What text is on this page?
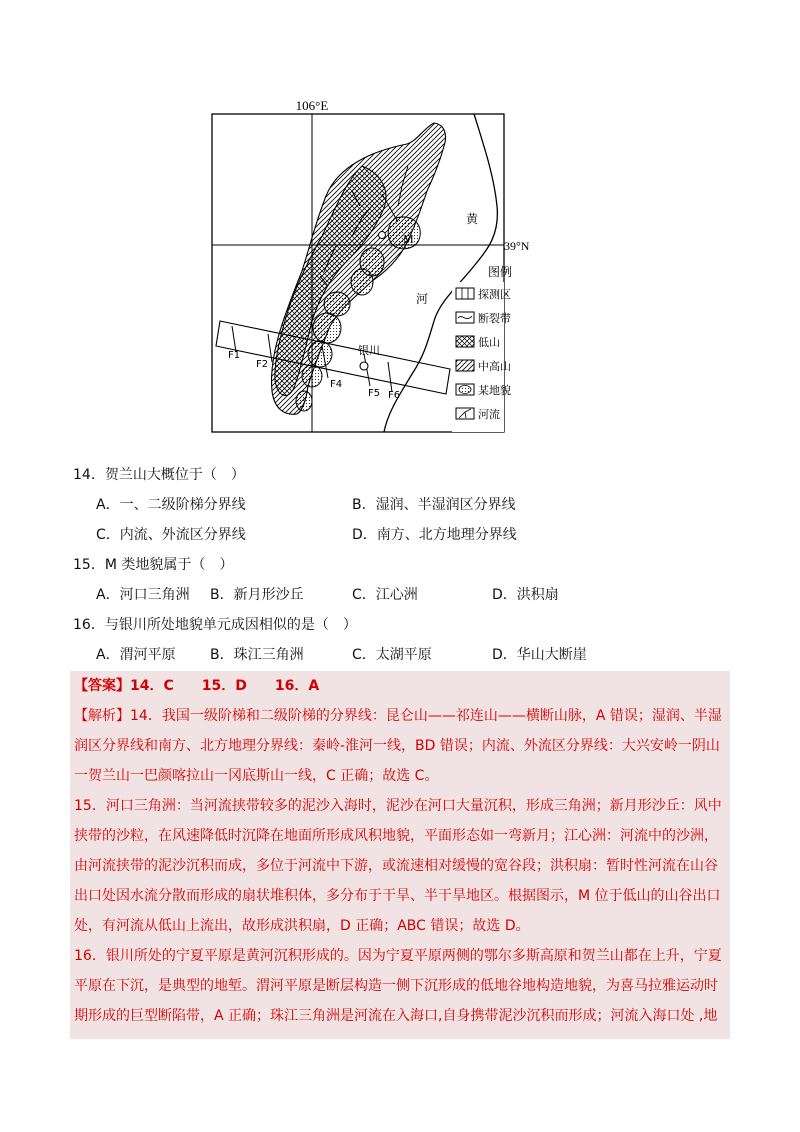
106°E
39°N
M
银川
黄
河
F1
F2
F4
F5 F6
图例
探测区
断裂带
低山
中高山
某地貌
河流
14．贺兰山大概位于（　）
A．一、二级阶梯分界线	B．湿润、半湿润区分界线
C．内流、外流区分界线	D．南方、北方地理分界线
15．M 类地貌属于（　）
A．河口三角洲 B．新月形沙丘	C．江心洲	D．洪积扇
16．与银川所处地貌单元成因相似的是（　）
A．渭河平原 B．珠江三角洲	C．太湖平原	D．华山大断崖
【答案】14．C　　15．D　　16．A
【解析】14．我国一级阶梯和二级阶梯的分界线：昆仑山——祁连山——横断山脉，A 错误；湿润、半湿
润区分界线和南方、北方地理分界线：秦岭-淮河一线，BD 错误；内流、外流区分界线：大兴安岭一阴山
一贺兰山一巴颜喀拉山一冈底斯山一线，C 正确；故选 C。
15．河口三角洲：当河流挟带较多的泥沙入海时，泥沙在河口大量沉积，形成三角洲；新月形沙丘：风中
挟带的沙粒，在风速降低时沉降在地面所形成风积地貌，平面形态如一弯新月；江心洲：河流中的沙洲，
由河流挟带的泥沙沉积而成，多位于河流中下游，或流速相对缓慢的宽谷段；洪积扇：暂时性河流在山谷
出口处因水流分散而形成的扇状堆积体，多分布于干旱、半干旱地区。根据图示，M 位于低山的山谷出口
处，有河流从低山上流出，故形成洪积扇，D 正确；ABC 错误；故选 D。
16．银川所处的宁夏平原是黄河沉积形成的。因为宁夏平原两侧的鄂尔多斯高原和贺兰山都在上升，宁夏
平原在下沉，是典型的地堑。渭河平原是断层构造一侧下沉形成的低地谷地构造地貌，为喜马拉雅运动时
期形成的巨型断陷带，A 正确；珠江三角洲是河流在入海口,自身携带泥沙沉积而形成；河流入海口处 ,地
